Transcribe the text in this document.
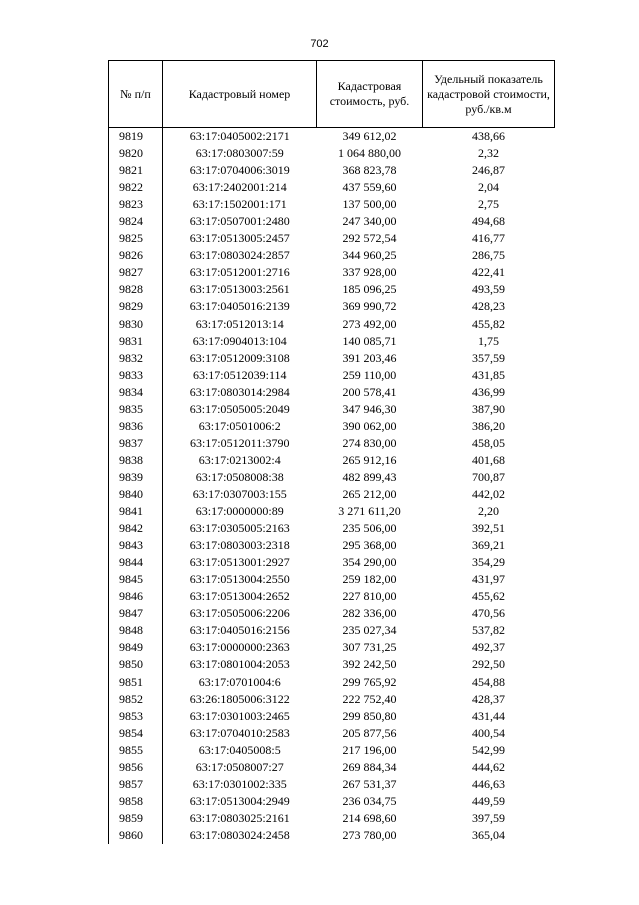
702
№ п/п	Кадастровый номер	Кадастровая стоимость, руб.	Удельный показатель кадастровой стоимости, руб./кв.м
9819	63:17:0405002:2171	349 612,02	438,66
9820	63:17:0803007:59	1 064 880,00	2,32
9821	63:17:0704006:3019	368 823,78	246,87
9822	63:17:2402001:214	437 559,60	2,04
9823	63:17:1502001:171	137 500,00	2,75
9824	63:17:0507001:2480	247 340,00	494,68
9825	63:17:0513005:2457	292 572,54	416,77
9826	63:17:0803024:2857	344 960,25	286,75
9827	63:17:0512001:2716	337 928,00	422,41
9828	63:17:0513003:2561	185 096,25	493,59
9829	63:17:0405016:2139	369 990,72	428,23
9830	63:17:0512013:14	273 492,00	455,82
9831	63:17:0904013:104	140 085,71	1,75
9832	63:17:0512009:3108	391 203,46	357,59
9833	63:17:0512039:114	259 110,00	431,85
9834	63:17:0803014:2984	200 578,41	436,99
9835	63:17:0505005:2049	347 946,30	387,90
9836	63:17:0501006:2	390 062,00	386,20
9837	63:17:0512011:3790	274 830,00	458,05
9838	63:17:0213002:4	265 912,16	401,68
9839	63:17:0508008:38	482 899,43	700,87
9840	63:17:0307003:155	265 212,00	442,02
9841	63:17:0000000:89	3 271 611,20	2,20
9842	63:17:0305005:2163	235 506,00	392,51
9843	63:17:0803003:2318	295 368,00	369,21
9844	63:17:0513001:2927	354 290,00	354,29
9845	63:17:0513004:2550	259 182,00	431,97
9846	63:17:0513004:2652	227 810,00	455,62
9847	63:17:0505006:2206	282 336,00	470,56
9848	63:17:0405016:2156	235 027,34	537,82
9849	63:17:0000000:2363	307 731,25	492,37
9850	63:17:0801004:2053	392 242,50	292,50
9851	63:17:0701004:6	299 765,92	454,88
9852	63:26:1805006:3122	222 752,40	428,37
9853	63:17:0301003:2465	299 850,80	431,44
9854	63:17:0704010:2583	205 877,56	400,54
9855	63:17:0405008:5	217 196,00	542,99
9856	63:17:0508007:27	269 884,34	444,62
9857	63:17:0301002:335	267 531,37	446,63
9858	63:17:0513004:2949	236 034,75	449,59
9859	63:17:0803025:2161	214 698,60	397,59
9860	63:17:0803024:2458	273 780,00	365,04
